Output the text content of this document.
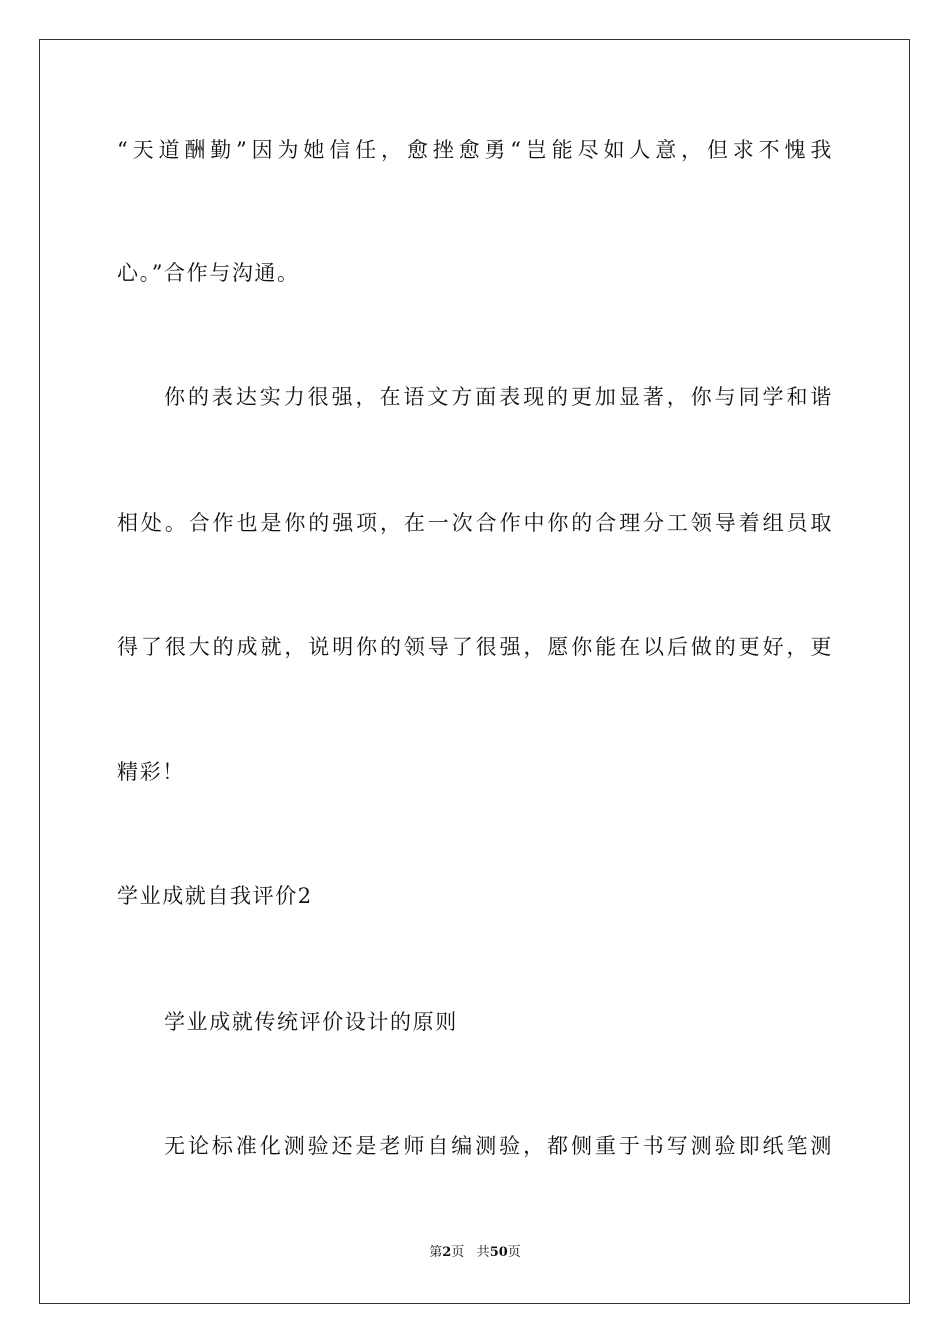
“天道酬勤”因为她信任，愈挫愈勇“岂能尽如人意，但求不愧我
心。”合作与沟通。
你的表达实力很强，在语文方面表现的更加显著，你与同学和谐
相处。合作也是你的强项，在一次合作中你的合理分工领导着组员取
得了很大的成就，说明你的领导了很强，愿你能在以后做的更好，更
精彩！
学业成就自我评价2
学业成就传统评价设计的原则
无论标准化测验还是老师自编测验，都侧重于书写测验即纸笔测
第2页 共50页
